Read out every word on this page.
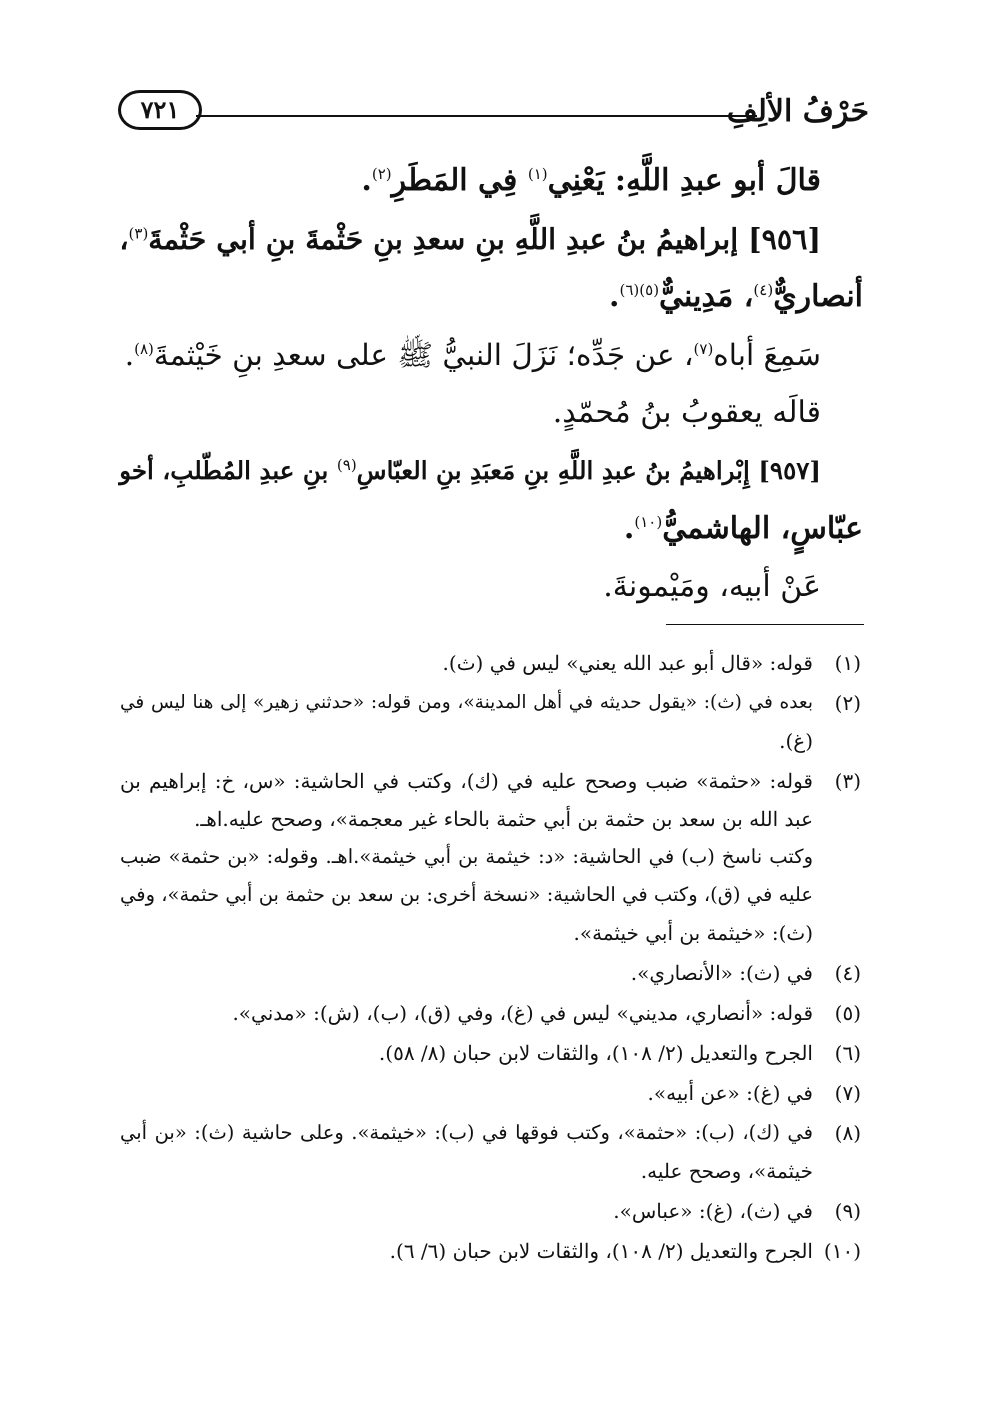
حَرْفُ الألِفِ
٧٢١
قالَ أبو عبدِ اللَّهِ: يَعْنِي$^{(١)}$ فِي المَطَرِ$^{(٢)}$.
[٩٥٦] إبراهيمُ بنُ عبدِ اللَّهِ بنِ سعدِ بنِ حَثْمةَ بنِ أبي حَثْمةَ$^{(٣)}$،
أنصاريٌّ$^{(٤)}$، مَدِينيٌّ$^{(٥)(٦)}$.
سَمِعَ أباه$^{(٧)}$، عن جَدِّه؛ نَزَلَ النبيُّ ﷺ على سعدِ بنِ خَيْثمةَ$^{(٨)}$.
قالَه يعقوبُ بنُ مُحمّدٍ.
[٩٥٧] إِبْراهيمُ بنُ عبدِ اللَّهِ بنِ مَعبَدِ بنِ العبّاسِ$^{(٩)}$ بنِ عبدِ المُطّلبِ، أخو
عبّاسٍ، الهاشميُّ$^{(١٠)}$.
عَنْ أبيه، ومَيْمونةَ.
(١)
قوله: «قال أبو عبد الله يعني» ليس في (ث).
(٢)
بعده في (ث): «يقول حديثه في أهل المدينة»، ومن قوله: «حدثني زهير» إلى هنا ليس في
(غ).
(٣)
قوله: «حثمة» ضبب وصحح عليه في (ك)، وكتب في الحاشية: «س، خ: إبراهيم بن
عبد الله بن سعد بن حثمة بن أبي حثمة بالحاء غير معجمة»، وصحح عليه.اهـ.
وكتب ناسخ (ب) في الحاشية: «د: خيثمة بن أبي خيثمة».اهـ. وقوله: «بن حثمة» ضبب
عليه في (ق)، وكتب في الحاشية: «نسخة أخرى: بن سعد بن حثمة بن أبي حثمة»، وفي
(ث): «خيثمة بن أبي خيثمة».
(٤)
في (ث): «الأنصاري».
(٥)
قوله: «أنصاري، مديني» ليس في (غ)، وفي (ق)، (ب)، (ش): «مدني».
(٦)
الجرح والتعديل (٢/ ١٠٨)، والثقات لابن حبان (٨/ ٥٨).
(٧)
في (غ): «عن أبيه».
(٨)
في (ك)، (ب): «حثمة»، وكتب فوقها في (ب): «خيثمة». وعلى حاشية (ث): «بن أبي
خيثمة»، وصحح عليه.
(٩)
في (ث)، (غ): «عباس».
(١٠)
الجرح والتعديل (٢/ ١٠٨)، والثقات لابن حبان (٦/ ٦).
